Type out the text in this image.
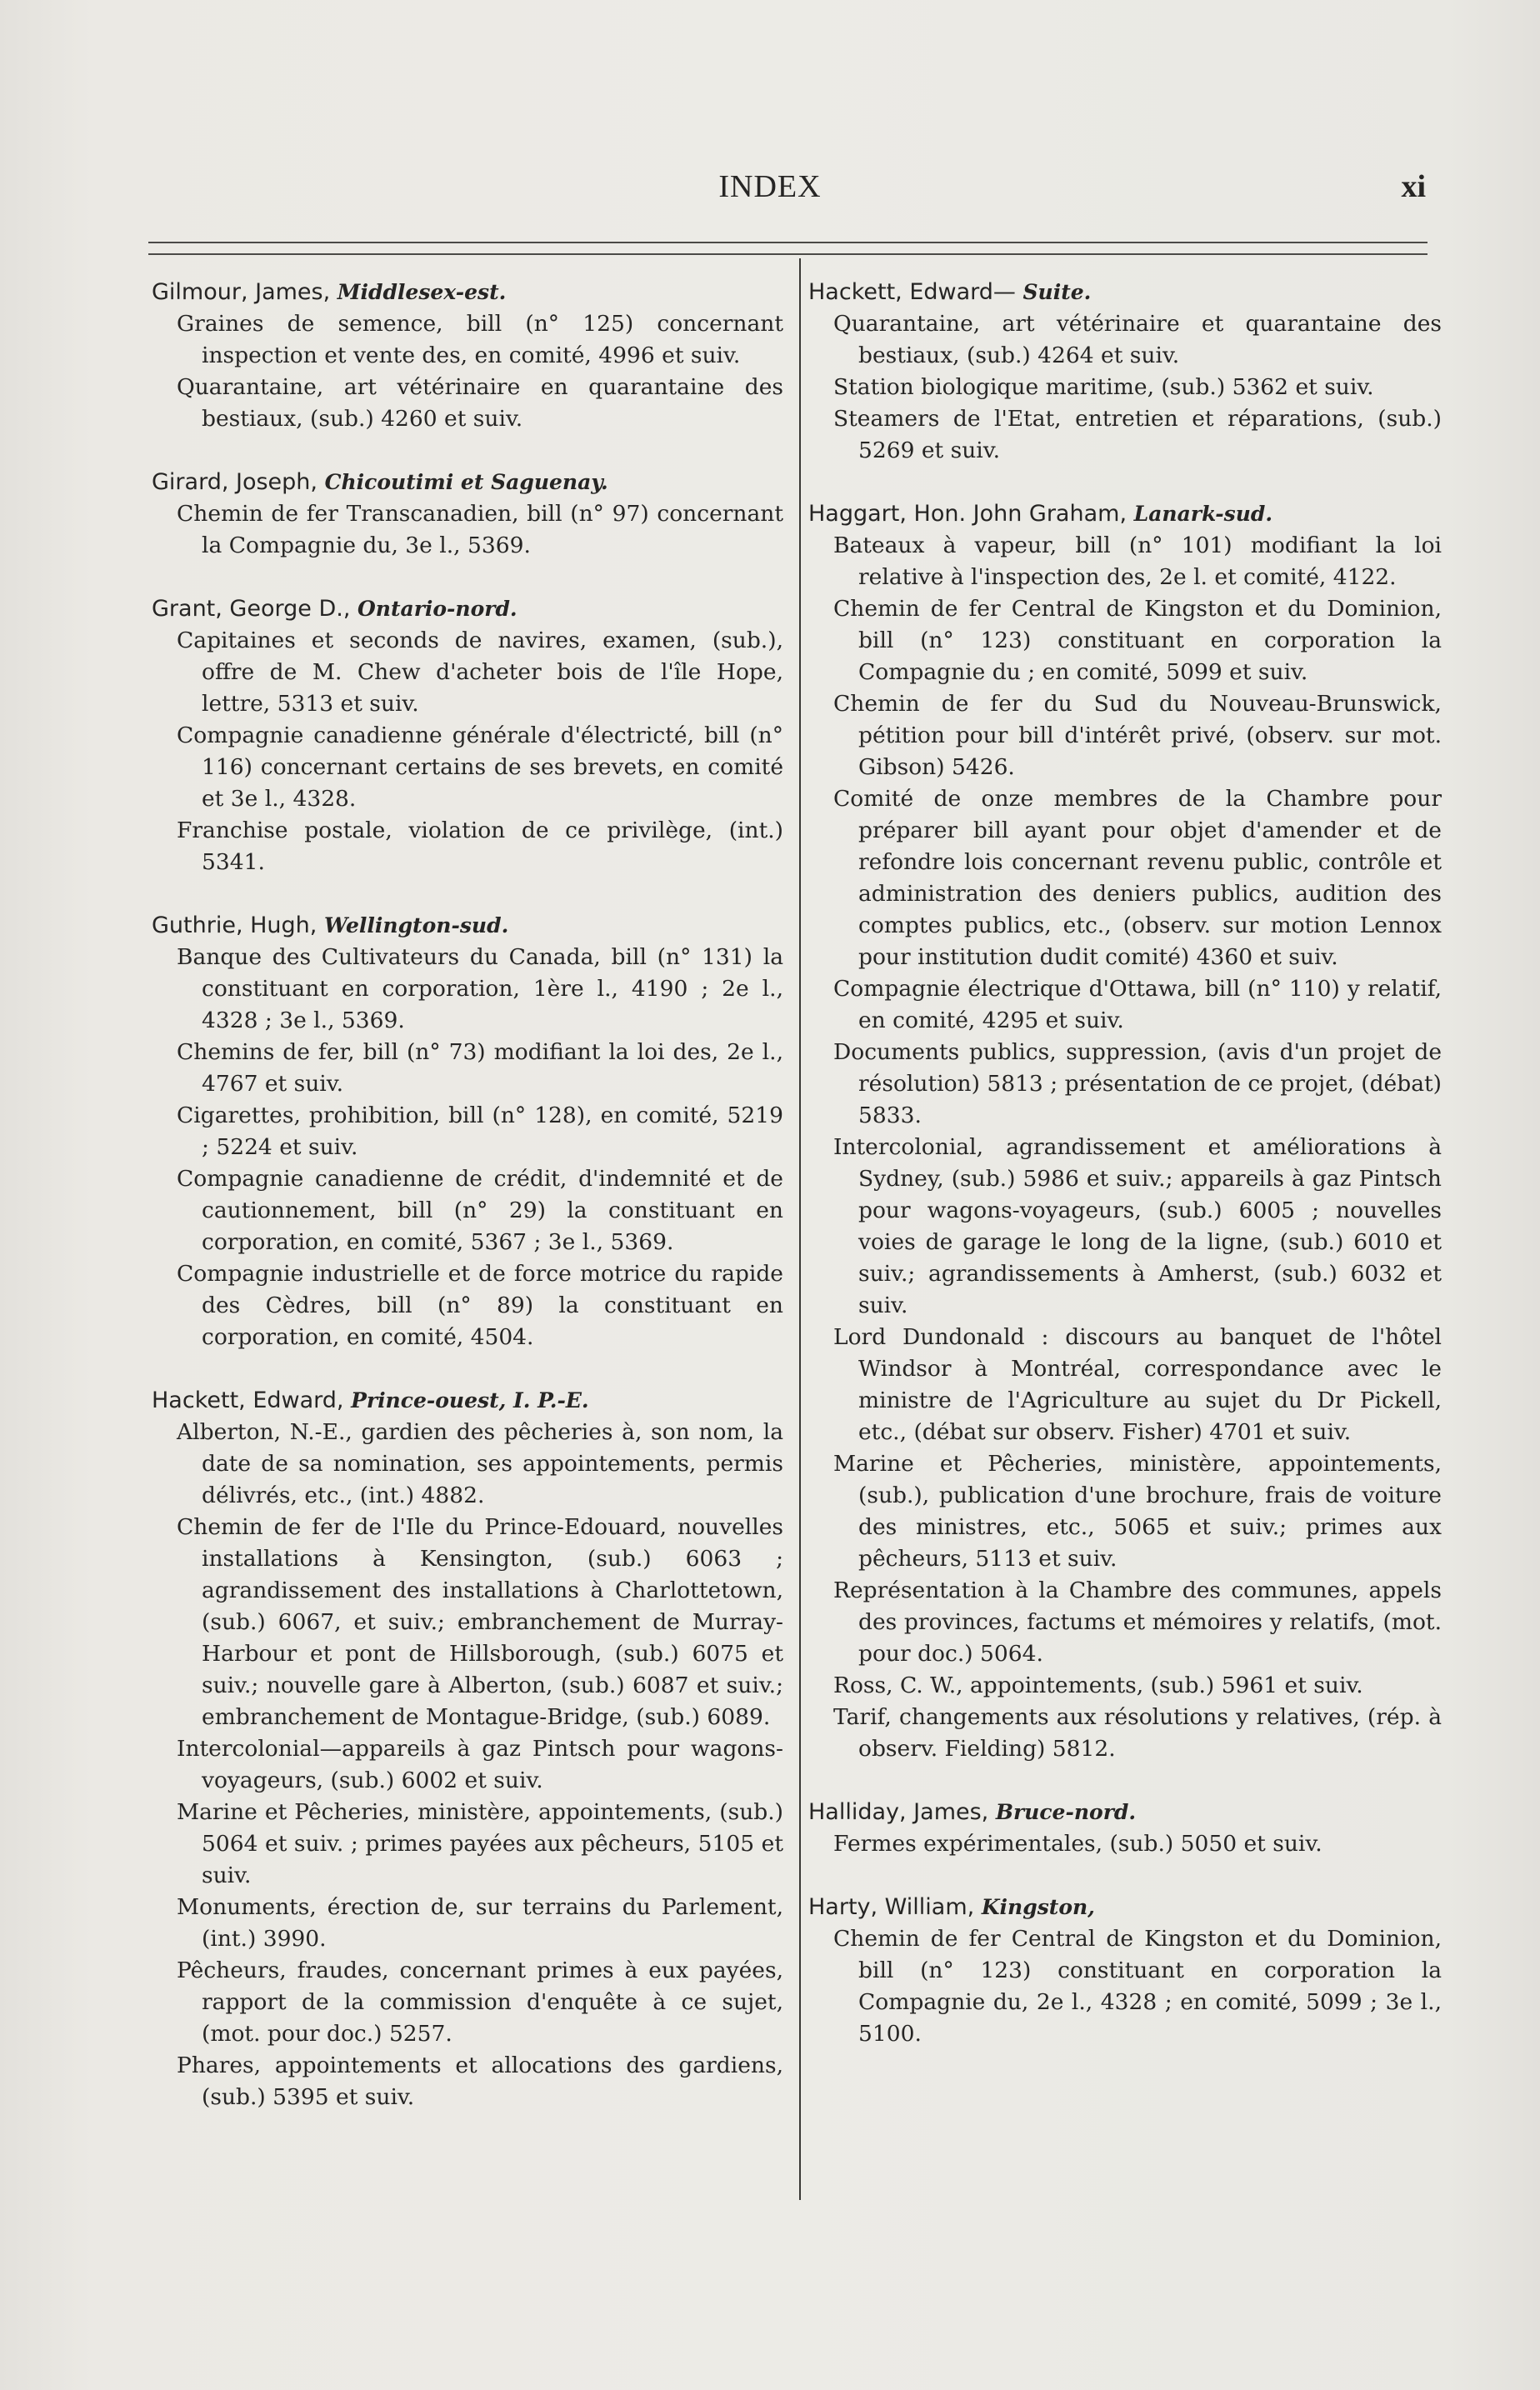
INDEX	xi
Gilmour, James, Middlesex-est.
Graines de semence, bill (n° 125) concernant inspection et vente des, en comité, 4996 et suiv.
Quarantaine, art vétérinaire en quarantaine des bestiaux, (sub.) 4260 et suiv.
Girard, Joseph, Chicoutimi et Saguenay.
Chemin de fer Transcanadien, bill (n° 97) concernant la Compagnie du, 3e l., 5369.
Grant, George D., Ontario-nord.
Capitaines et seconds de navires, examen, (sub.), offre de M. Chew d'acheter bois de l'île Hope, lettre, 5313 et suiv.
Compagnie canadienne générale d'électricté, bill (n° 116) concernant certains de ses brevets, en comité et 3e l., 4328.
Franchise postale, violation de ce privilège, (int.) 5341.
Guthrie, Hugh, Wellington-sud.
Banque des Cultivateurs du Canada, bill (n° 131) la constituant en corporation, 1ère l., 4190 ; 2e l., 4328 ; 3e l., 5369.
Chemins de fer, bill (n° 73) modifiant la loi des, 2e l., 4767 et suiv.
Cigarettes, prohibition, bill (n° 128), en comité, 5219 ; 5224 et suiv.
Compagnie canadienne de crédit, d'indemnité et de cautionnement, bill (n° 29) la constituant en corporation, en comité, 5367 ; 3e l., 5369.
Compagnie industrielle et de force motrice du rapide des Cèdres, bill (n° 89) la constituant en corporation, en comité, 4504.
Hackett, Edward, Prince-ouest, I. P.-E.
Alberton, N.-E., gardien des pêcheries à, son nom, la date de sa nomination, ses appointements, permis délivrés, etc., (int.) 4882.
Chemin de fer de l'Ile du Prince-Edouard, nouvelles installations à Kensington, (sub.) 6063 ; agrandissement des installations à Charlottetown, (sub.) 6067, et suiv.; embranchement de Murray-Harbour et pont de Hillsborough, (sub.) 6075 et suiv.; nouvelle gare à Alberton, (sub.) 6087 et suiv.; embranchement de Montague-Bridge, (sub.) 6089.
Intercolonial—appareils à gaz Pintsch pour wagons-voyageurs, (sub.) 6002 et suiv.
Marine et Pêcheries, ministère, appointements, (sub.) 5064 et suiv. ; primes payées aux pêcheurs, 5105 et suiv.
Monuments, érection de, sur terrains du Parlement, (int.) 3990.
Pêcheurs, fraudes, concernant primes à eux payées, rapport de la commission d'enquête à ce sujet, (mot. pour doc.) 5257.
Phares, appointements et allocations des gardiens, (sub.) 5395 et suiv.
Hackett, Edward— Suite.
Quarantaine, art vétérinaire et quarantaine des bestiaux, (sub.) 4264 et suiv.
Station biologique maritime, (sub.) 5362 et suiv.
Steamers de l'Etat, entretien et réparations, (sub.) 5269 et suiv.
Haggart, Hon. John Graham, Lanark-sud.
Bateaux à vapeur, bill (n° 101) modifiant la loi relative à l'inspection des, 2e l. et comité, 4122.
Chemin de fer Central de Kingston et du Dominion, bill (n° 123) constituant en corporation la Compagnie du ; en comité, 5099 et suiv.
Chemin de fer du Sud du Nouveau-Brunswick, pétition pour bill d'intérêt privé, (observ. sur mot. Gibson) 5426.
Comité de onze membres de la Chambre pour préparer bill ayant pour objet d'amender et de refondre lois concernant revenu public, contrôle et administration des deniers publics, audition des comptes publics, etc., (observ. sur motion Lennox pour institution dudit comité) 4360 et suiv.
Compagnie électrique d'Ottawa, bill (n° 110) y relatif, en comité, 4295 et suiv.
Documents publics, suppression, (avis d'un projet de résolution) 5813 ; présentation de ce projet, (débat) 5833.
Intercolonial, agrandissement et améliorations à Sydney, (sub.) 5986 et suiv.; appareils à gaz Pintsch pour wagons-voyageurs, (sub.) 6005 ; nouvelles voies de garage le long de la ligne, (sub.) 6010 et suiv.; agrandissements à Amherst, (sub.) 6032 et suiv.
Lord Dundonald : discours au banquet de l'hôtel Windsor à Montréal, correspondance avec le ministre de l'Agriculture au sujet du Dr Pickell, etc., (débat sur observ. Fisher) 4701 et suiv.
Marine et Pêcheries, ministère, appointements, (sub.), publication d'une brochure, frais de voiture des ministres, etc., 5065 et suiv.; primes aux pêcheurs, 5113 et suiv.
Représentation à la Chambre des communes, appels des provinces, factums et mémoires y relatifs, (mot. pour doc.) 5064.
Ross, C. W., appointements, (sub.) 5961 et suiv.
Tarif, changements aux résolutions y relatives, (rép. à observ. Fielding) 5812.
Halliday, James, Bruce-nord.
Fermes expérimentales, (sub.) 5050 et suiv.
Harty, William, Kingston,
Chemin de fer Central de Kingston et du Dominion, bill (n° 123) constituant en corporation la Compagnie du, 2e l., 4328 ; en comité, 5099 ; 3e l., 5100.
